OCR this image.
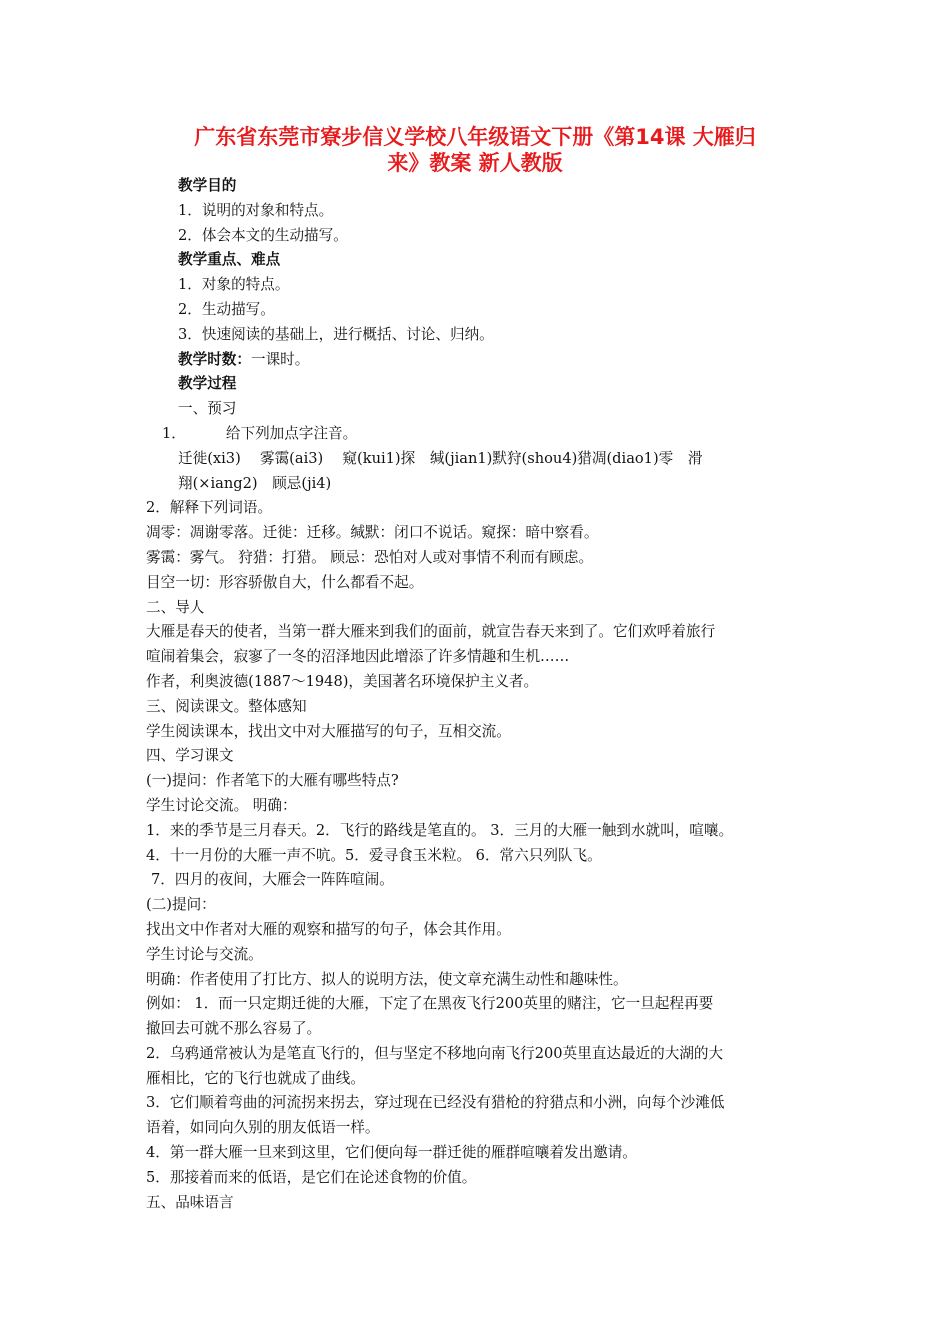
广东省东莞市寮步信义学校八年级语文下册《第14课 大雁归
来》教案 新人教版

教学目的

1．说明的对象和特点。

2．体会本文的生动描写。

教学重点、难点

1．对象的特点。

2．生动描写。

3．快速阅读的基础上，进行概括、讨论、归纳。

教学时数：一课时。

教学过程

一、预习

1．	给下列加点字注音。

迁徙(xi3)　 雾霭(ai3)　 窥(kui1)探　缄(jian1)默狩(shou4)猎凋(diao1)零　滑

翔(×iang2)　顾忌(ji4)

2．解释下列词语。

凋零：凋谢零落。迁徙：迁移。缄默：闭口不说话。窥探：暗中察看。

雾霭：雾气。 狩猎：打猎。 顾忌：恐怕对人或对事情不利而有顾虑。

目空一切：形容骄傲自大，什么都看不起。

二、导人

大雁是春天的使者，当第一群大雁来到我们的面前，就宣告春天来到了。它们欢呼着旅行

喧闹着集会，寂寥了一冬的沼泽地因此增添了许多情趣和生机……

作者，利奥波德(1887～1948)，美国著名环境保护主义者。

三、阅读课文。整体感知

学生阅读课本，找出文中对大雁描写的句子，互相交流。

四、学习课文

(一)提问：作者笔下的大雁有哪些特点?

学生讨论交流。 明确：

1．来的季节是三月春天。2．飞行的路线是笔直的。 3．三月的大雁一触到水就叫，喧嚷。

4．十一月份的大雁一声不吭。5．爱寻食玉米粒。 6．常六只列队飞。

7．四月的夜间，大雁会一阵阵喧闹。

(二)提问：

找出文中作者对大雁的观察和描写的句子，体会其作用。

学生讨论与交流。

明确：作者使用了打比方、拟人的说明方法，使文章充满生动性和趣味性。

例如： 1．而一只定期迁徙的大雁，下定了在黑夜飞行200英里的赌注，它一旦起程再要

撤回去可就不那么容易了。

2．乌鸦通常被认为是笔直飞行的，但与坚定不移地向南飞行200英里直达最近的大湖的大

雁相比，它的飞行也就成了曲线。

3．它们顺着弯曲的河流拐来拐去，穿过现在已经没有猎枪的狩猎点和小洲，向每个沙滩低

语着，如同向久别的朋友低语一样。

4．第一群大雁一旦来到这里，它们便向每一群迁徙的雁群喧嚷着发出邀请。

5．那接着而来的低语，是它们在论述食物的价值。

五、品味语言
